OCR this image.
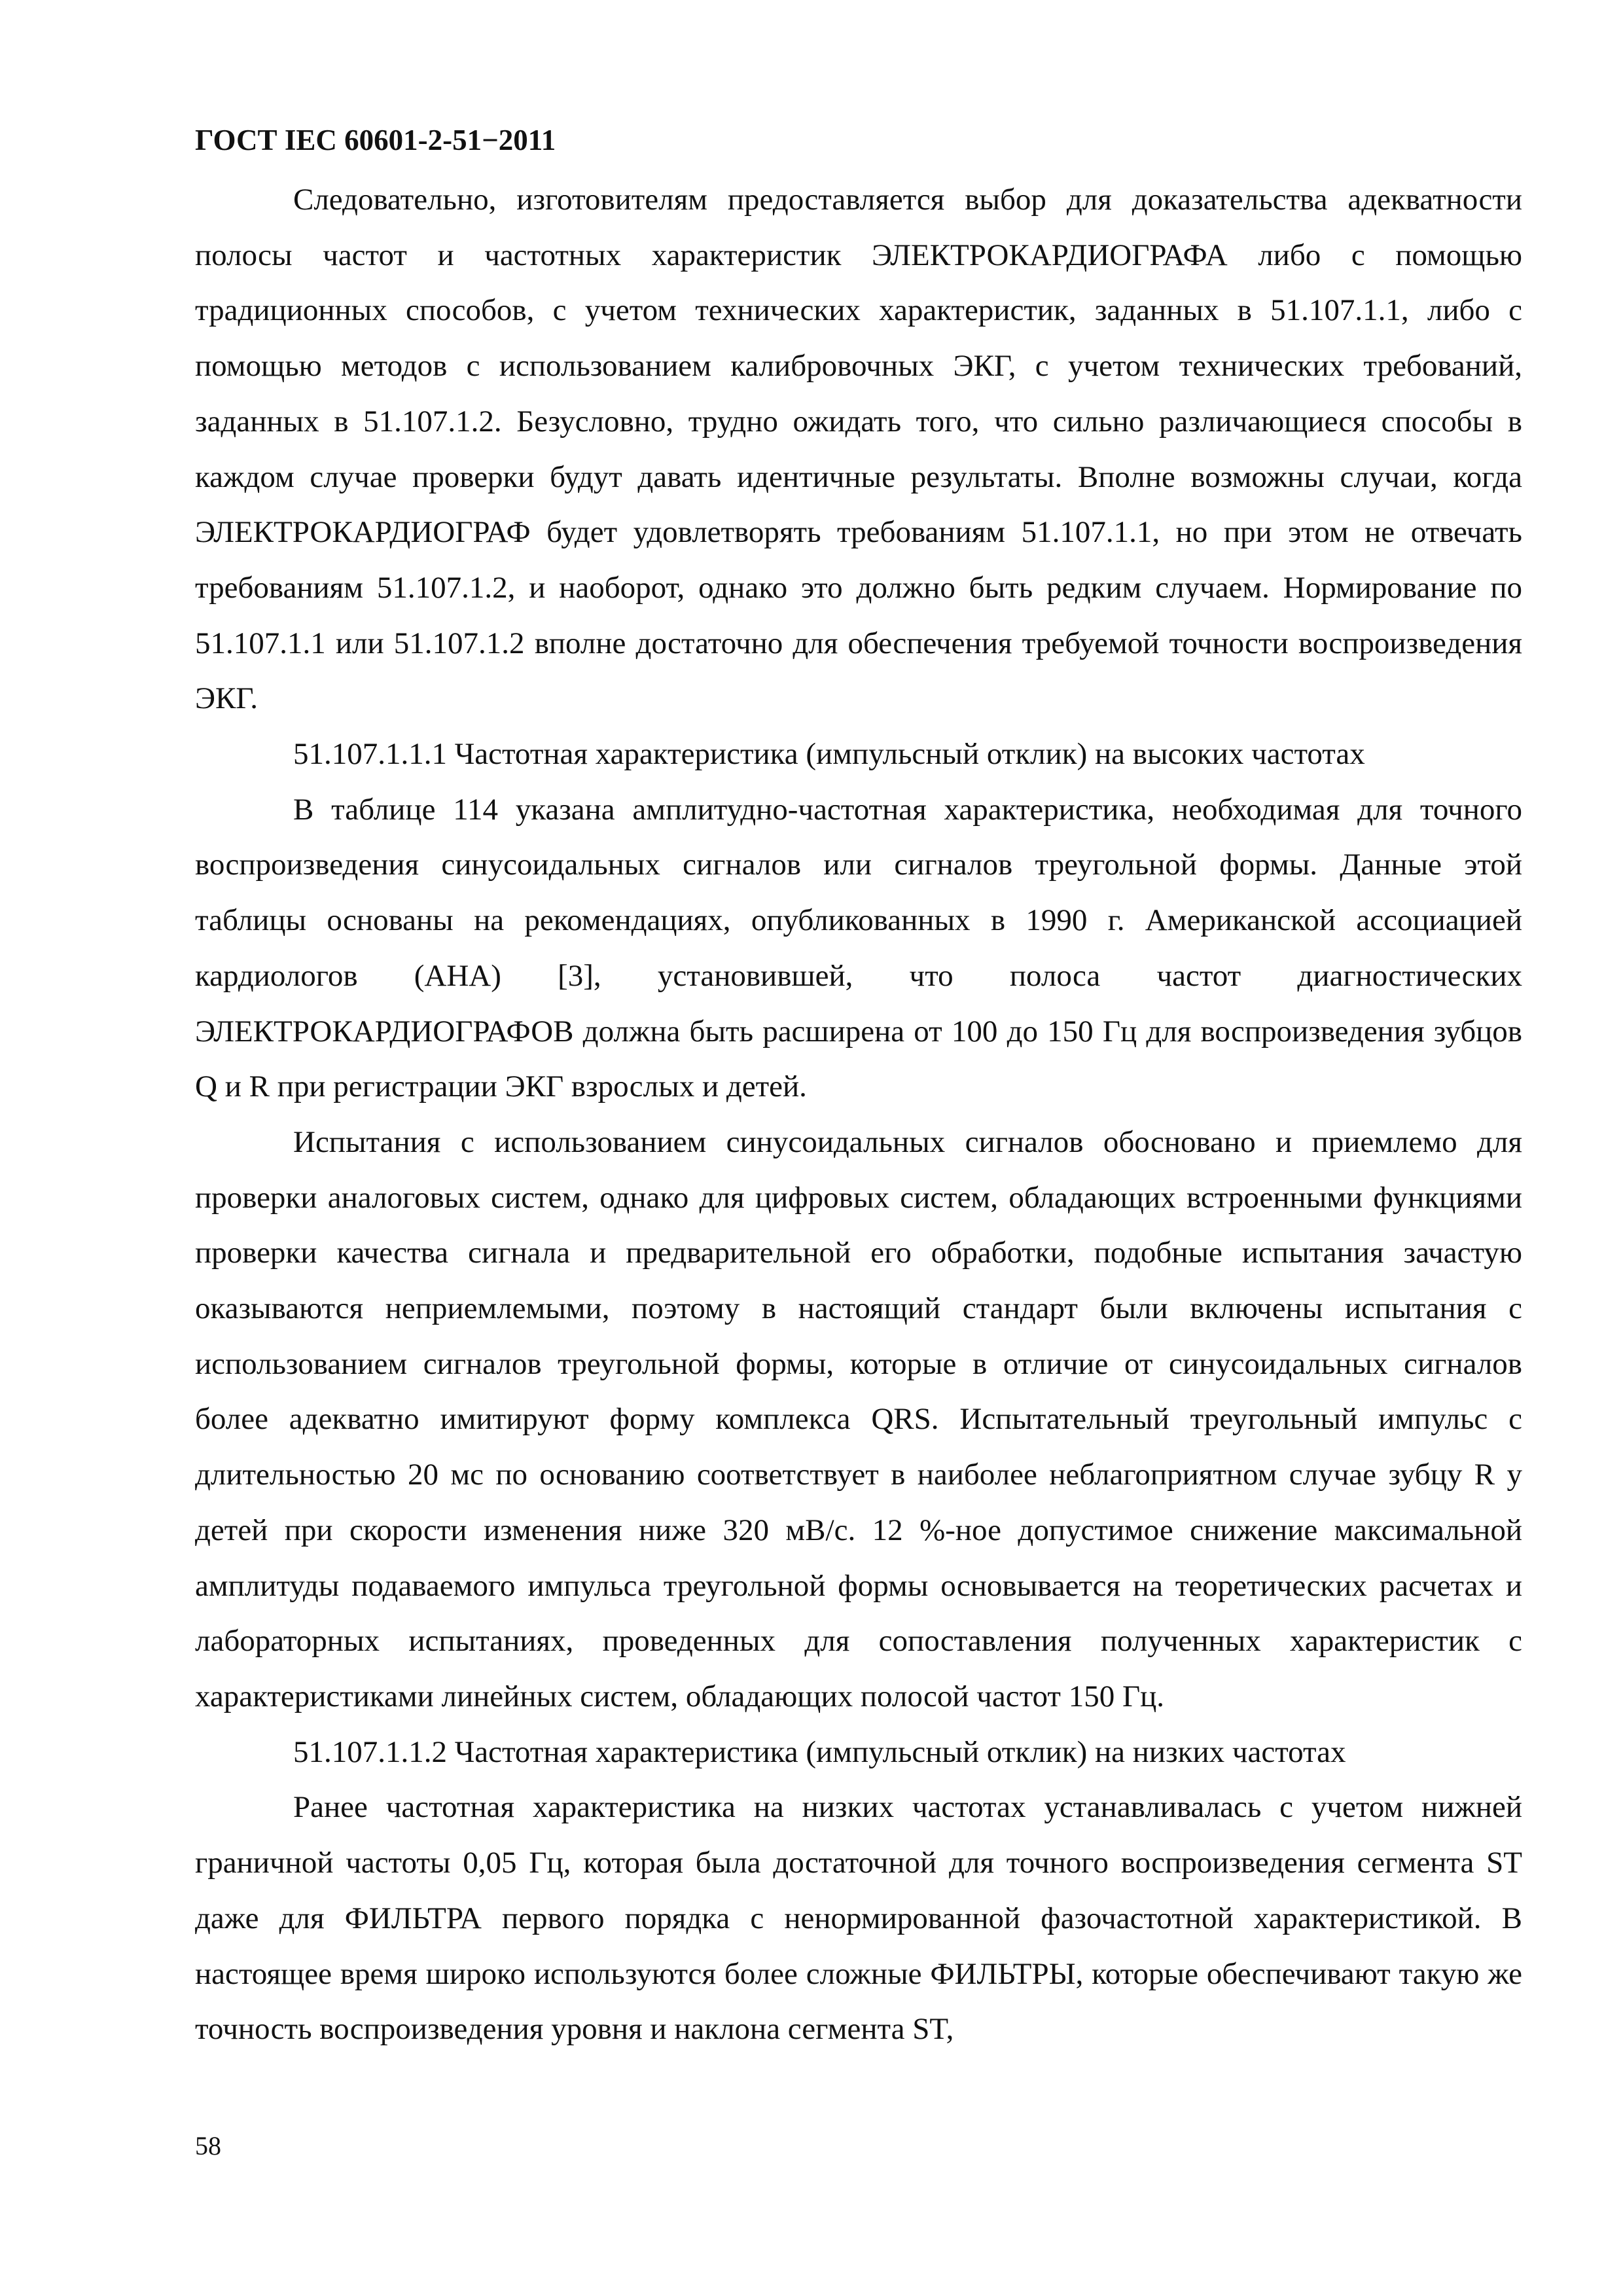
ГОСТ IEC 60601-2-51−2011

Следовательно, изготовителям предоставляется выбор для доказательства адекватности полосы частот и частотных характеристик ЭЛЕКТРОКАРДИОГРАФА либо с помощью традиционных способов, с учетом технических характеристик, заданных в 51.107.1.1, либо с помощью методов с использованием калибровочных ЭКГ, с учетом технических требований, заданных в 51.107.1.2. Безусловно, трудно ожидать того, что сильно различающиеся способы в каждом случае проверки будут давать идентичные результаты. Вполне возможны случаи, когда ЭЛЕКТРОКАРДИОГРАФ будет удовлетворять требованиям 51.107.1.1, но при этом не отвечать требованиям 51.107.1.2, и наоборот, однако это должно быть редким случаем. Нормирование по 51.107.1.1 или 51.107.1.2 вполне достаточно для обеспечения требуемой точности воспроизведения ЭКГ.

51.107.1.1.1 Частотная характеристика (импульсный отклик) на высоких частотах

В таблице 114 указана амплитудно-частотная характеристика, необходимая для точного воспроизведения синусоидальных сигналов или сигналов треугольной формы. Данные этой таблицы основаны на рекомендациях, опубликованных в 1990 г. Американской ассоциацией кардиологов (АНА) [3], установившей, что полоса частот диагностических ЭЛЕКТРОКАРДИОГРАФОВ должна быть расширена от 100 до 150 Гц для воспроизведения зубцов Q и R при регистрации ЭКГ взрослых и детей.

Испытания с использованием синусоидальных сигналов обосновано и приемлемо для проверки аналоговых систем, однако для цифровых систем, обладающих встроенными функциями проверки качества сигнала и предварительной его обработки, подобные испытания зачастую оказываются неприемлемыми, поэтому в настоящий стандарт были включены испытания с использованием сигналов треугольной формы, которые в отличие от синусоидальных сигналов более адекватно имитируют форму комплекса QRS. Испытательный треугольный импульс с длительностью 20 мс по основанию соответствует в наиболее неблагоприятном случае зубцу R у детей при скорости изменения ниже 320 мВ/с. 12 %-ное допустимое снижение максимальной амплитуды подаваемого импульса треугольной формы основывается на теоретических расчетах и лабораторных испытаниях, проведенных для сопоставления полученных характеристик с характеристиками линейных систем, обладающих полосой частот 150 Гц.

51.107.1.1.2 Частотная характеристика (импульсный отклик) на низких частотах

Ранее частотная характеристика на низких частотах устанавливалась с учетом нижней граничной частоты 0,05 Гц, которая была достаточной для точного воспроизведения сегмента ST даже для ФИЛЬТРА первого порядка с ненормированной фазочастотной характеристикой. В настоящее время широко используются более сложные ФИЛЬТРЫ, которые обеспечивают такую же точность воспроизведения уровня и наклона сегмента ST,

58
